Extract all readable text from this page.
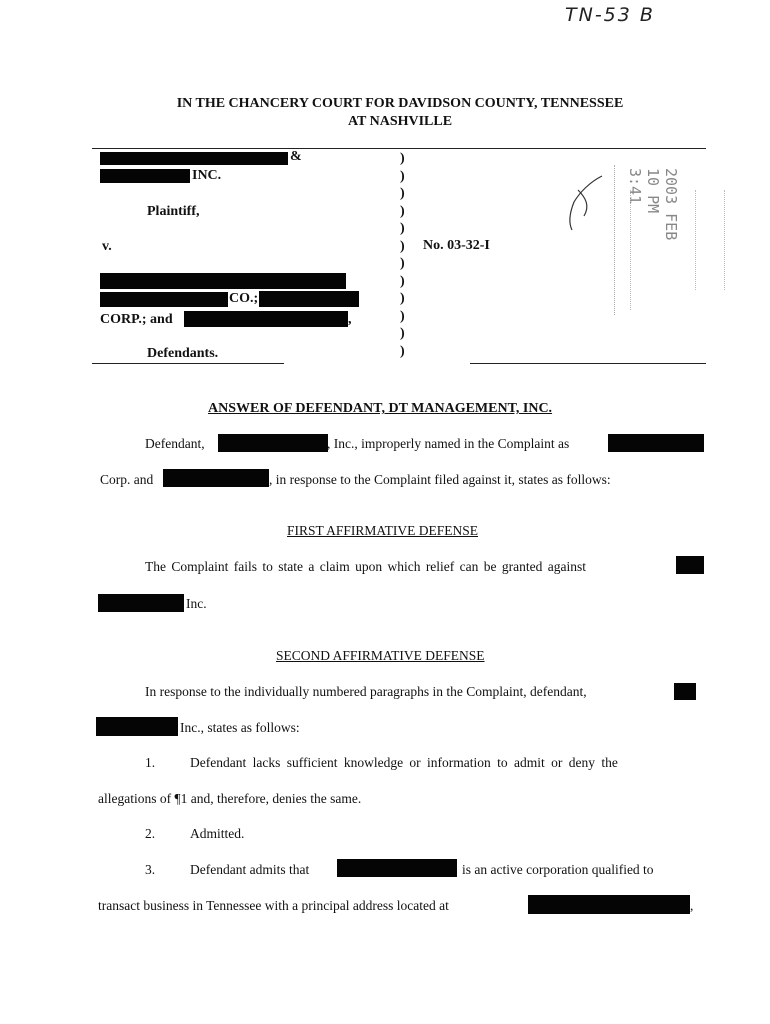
TN-53 B
IN THE CHANCERY COURT FOR DAVIDSON COUNTY, TENNESSEE
AT NASHVILLE
&
INC.
Plaintiff,
v.
CO.;
CORP.; and	,
Defendants.
)
)
)
)
)
)
)
)
)
)
)
)
No. 03-32-I
2003 FEB 10 PM 3:41
ANSWER OF DEFENDANT, DT MANAGEMENT, INC.
Defendant,	, Inc., improperly named in the Complaint as
Corp. and	, in response to the Complaint filed against it, states as follows:
FIRST AFFIRMATIVE DEFENSE
The Complaint fails to state a claim upon which relief can be granted against
Inc.
SECOND AFFIRMATIVE DEFENSE
In response to the individually numbered paragraphs in the Complaint, defendant,
Inc., states as follows:
1.	Defendant lacks sufficient knowledge or information to admit or deny the
allegations of ¶1 and, therefore, denies the same.
2.	Admitted.
3.	Defendant admits that	is an active corporation qualified to
transact business in Tennessee with a principal address located at	,
